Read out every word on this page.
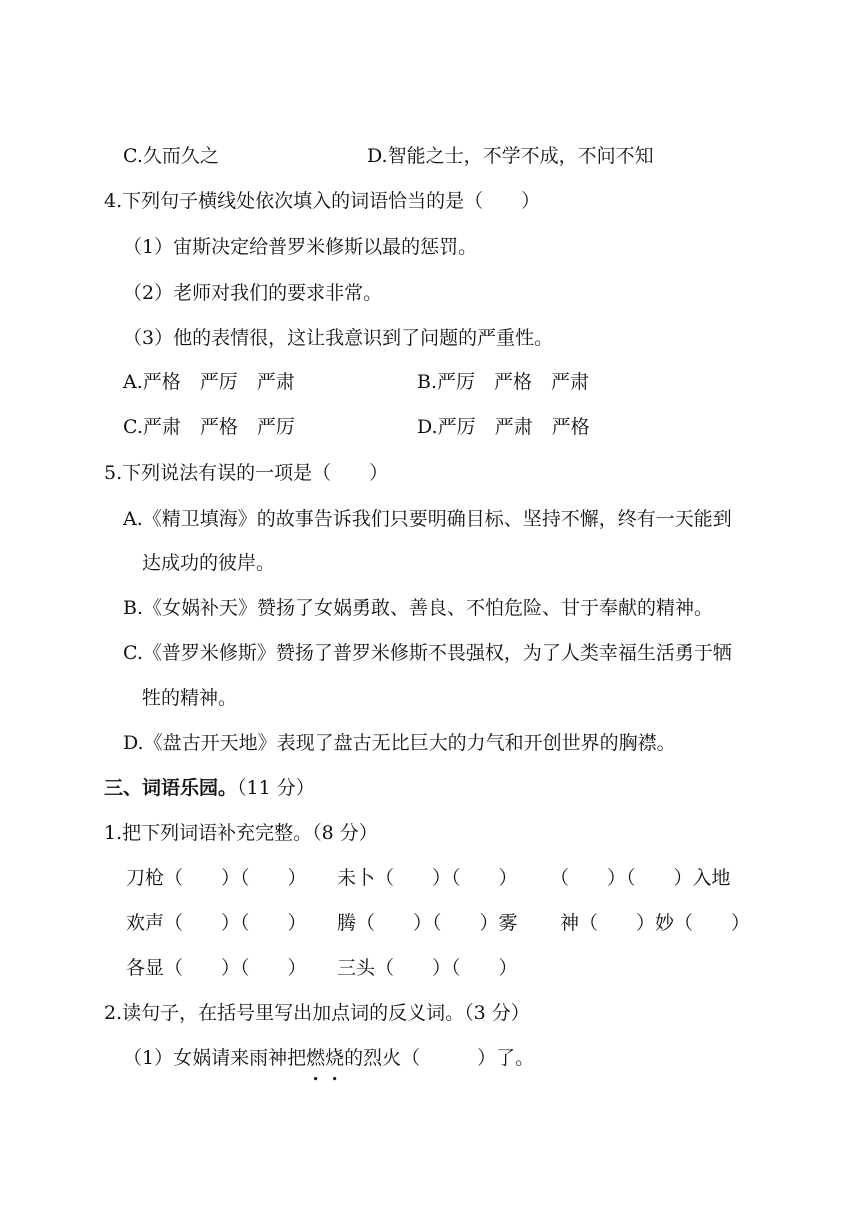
C.久而久之	D.智能之士，不学不成，不问不知
4.下列句子横线处依次填入的词语恰当的是（　　）
（1）宙斯决定给普罗米修斯以最的惩罚。
（2）老师对我们的要求非常。
（3）他的表情很，这让我意识到了问题的严重性。
A.严格　严厉　严肃	B.严厉　严格　严肃
C.严肃　严格　严厉	D.严厉　严肃　严格
5.下列说法有误的一项是（　　）
A.《精卫填海》的故事告诉我们只要明确目标、坚持不懈，终有一天能到
达成功的彼岸。
B.《女娲补天》赞扬了女娲勇敢、善良、不怕危险、甘于奉献的精神。
C.《普罗米修斯》赞扬了普罗米修斯不畏强权，为了人类幸福生活勇于牺
牲的精神。
D.《盘古开天地》表现了盘古无比巨大的力气和开创世界的胸襟。
三、词语乐园。（11 分）
1.把下列词语补充完整。（8 分）
刀枪（　　）（　　） 未卜（　　）（　　） （　　）（　　）入地
欢声（　　）（　　） 腾（　　）（　　）雾 神（　　）妙（　　）
各显（　　）（　　） 三头（　　）（　　）
2.读句子，在括号里写出加点词的反义词。（3 分）
（1）女娲请来雨神把燃烧的烈火（　　　）了。
